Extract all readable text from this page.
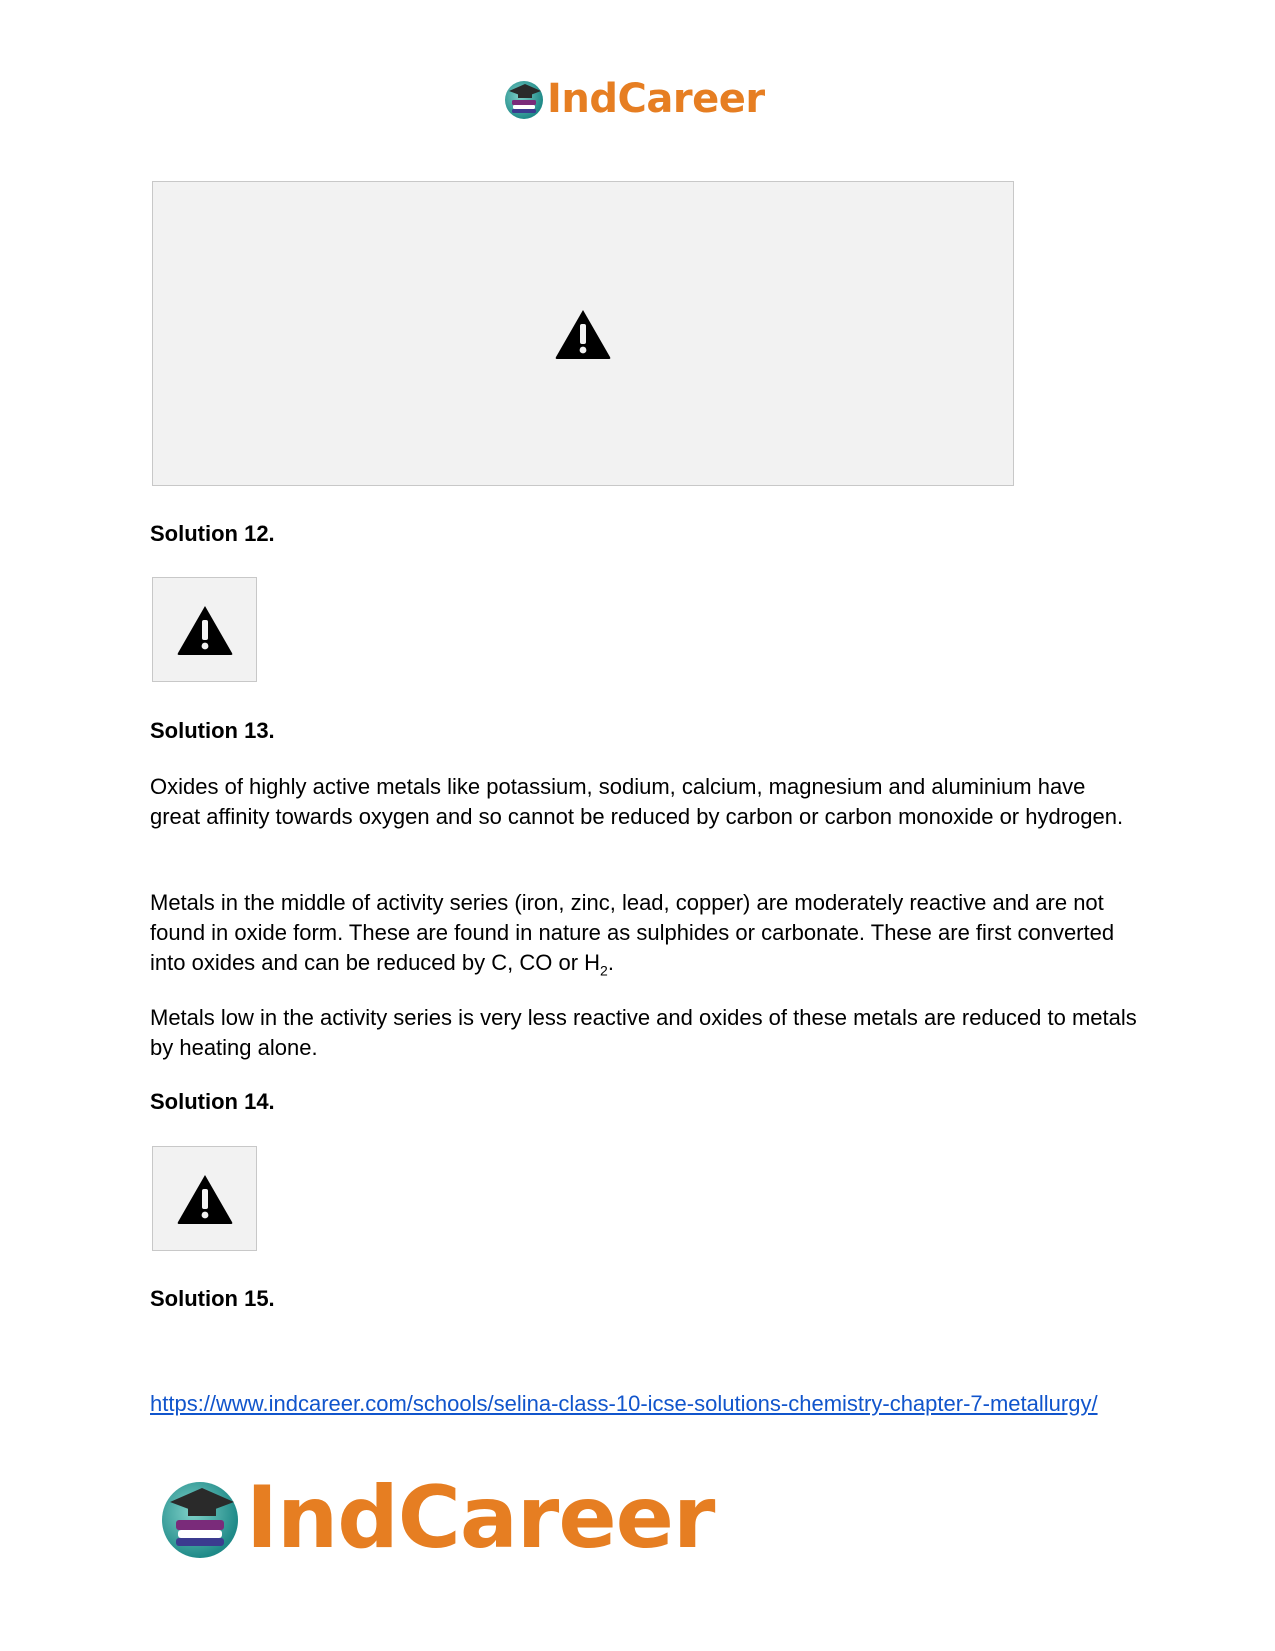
IndCareer
Solution 12.
Solution 13.
Oxides of highly active metals like potassium, sodium, calcium, magnesium and aluminium have great affinity towards oxygen and so cannot be reduced by carbon or carbon monoxide or hydrogen.
Metals in the middle of activity series (iron, zinc, lead, copper) are moderately reactive and are not found in oxide form. These are found in nature as sulphides or carbonate. These are first converted into oxides and can be reduced by C, CO or $H_2$.
Metals low in the activity series is very less reactive and oxides of these metals are reduced to metals by heating alone.
Solution 14.
Solution 15.
https://www.indcareer.com/schools/selina-class-10-icse-solutions-chemistry-chapter-7-metallurgy/
IndCareer
